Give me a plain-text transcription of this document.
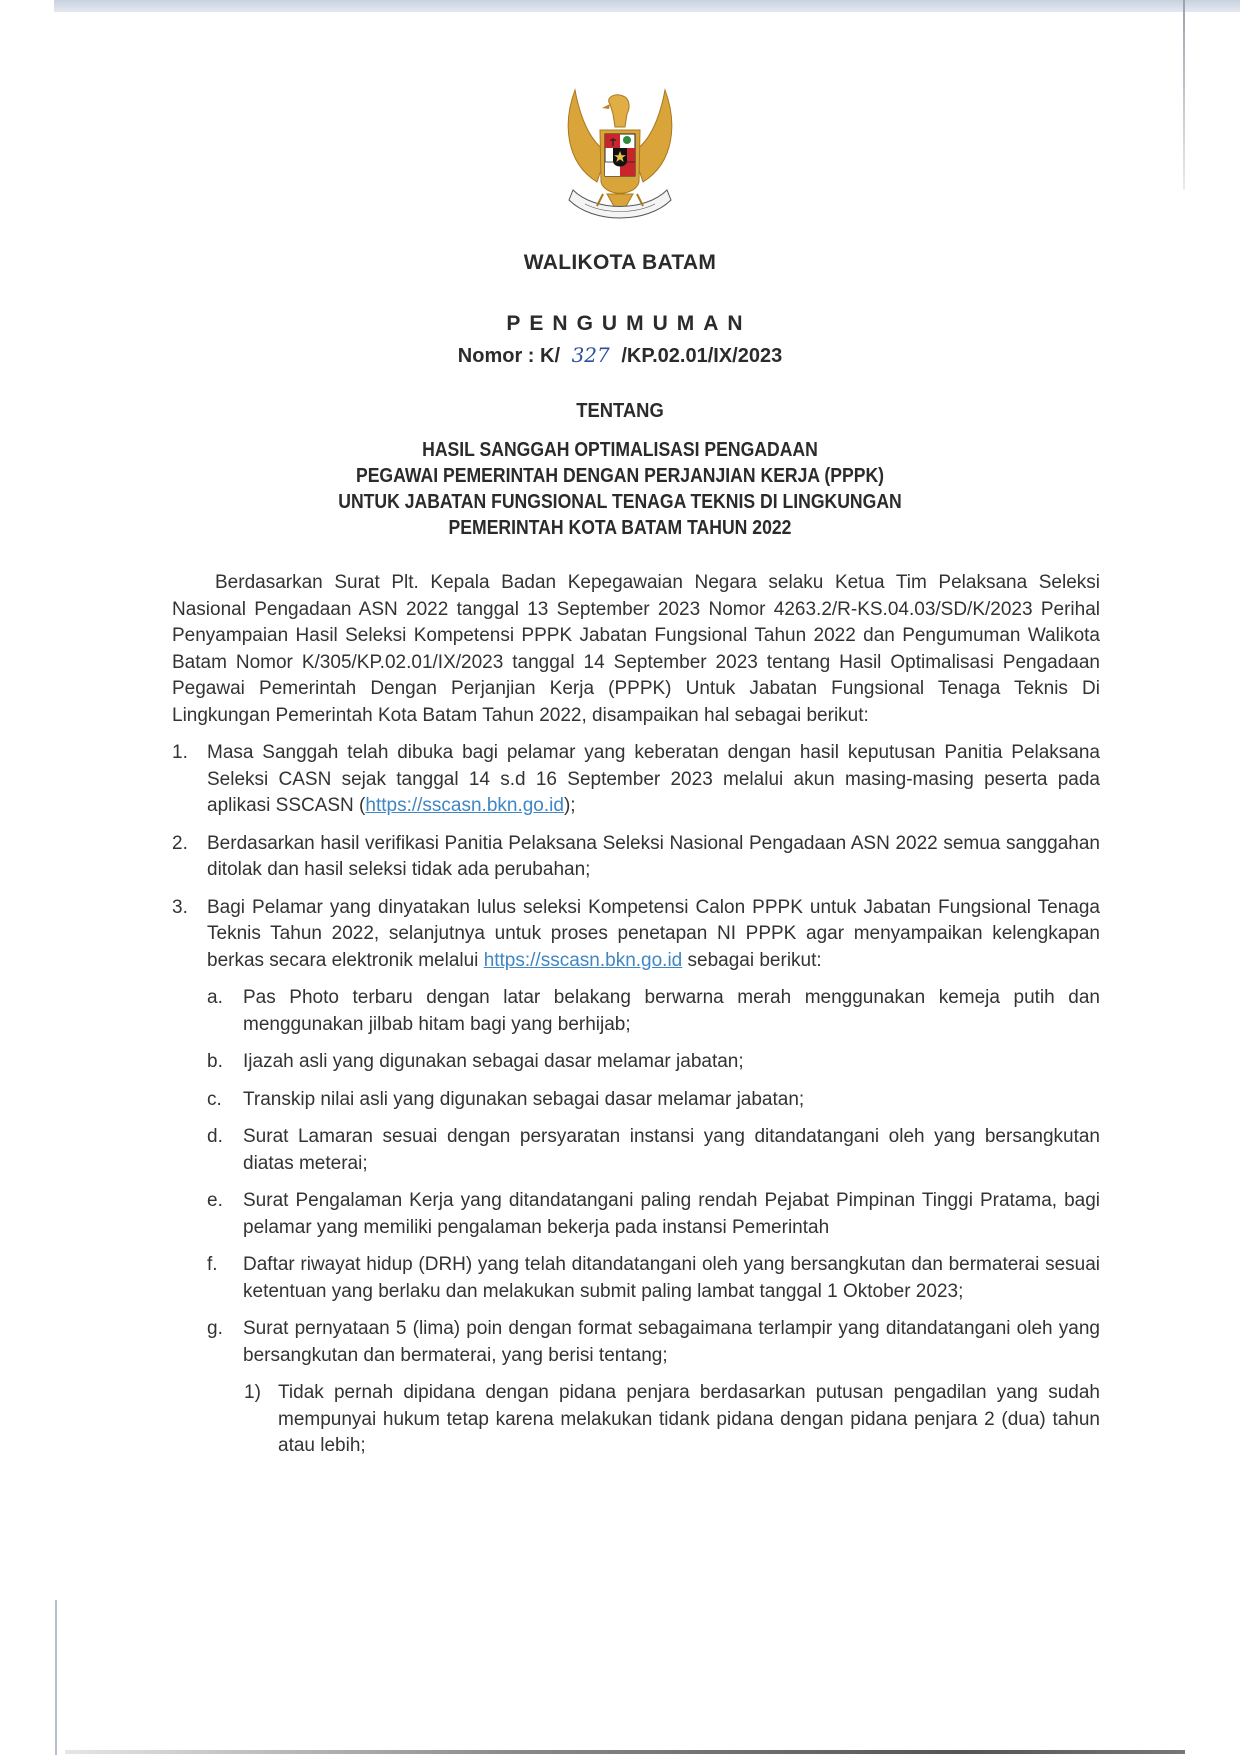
WALIKOTA BATAM
PENGUMUMAN
Nomor : K/ 327 /KP.02.01/IX/2023
TENTANG
HASIL SANGGAH OPTIMALISASI PENGADAAN
PEGAWAI PEMERINTAH DENGAN PERJANJIAN KERJA (PPPK)
UNTUK JABATAN FUNGSIONAL TENAGA TEKNIS DI LINGKUNGAN
PEMERINTAH KOTA BATAM TAHUN 2022

Berdasarkan Surat Plt. Kepala Badan Kepegawaian Negara selaku Ketua Tim Pelaksana Seleksi Nasional Pengadaan ASN 2022 tanggal 13 September 2023 Nomor 4263.2/R-KS.04.03/SD/K/2023 Perihal Penyampaian Hasil Seleksi Kompetensi PPPK Jabatan Fungsional Tahun 2022 dan Pengumuman Walikota Batam Nomor K/305/KP.02.01/IX/2023 tanggal 14 September 2023 tentang Hasil Optimalisasi Pengadaan Pegawai Pemerintah Dengan Perjanjian Kerja (PPPK) Untuk Jabatan Fungsional Tenaga Teknis Di Lingkungan Pemerintah Kota Batam Tahun 2022, disampaikan hal sebagai berikut:

1. Masa Sanggah telah dibuka bagi pelamar yang keberatan dengan hasil keputusan Panitia Pelaksana Seleksi CASN sejak tanggal 14 s.d 16 September 2023 melalui akun masing-masing peserta pada aplikasi SSCASN (https://sscasn.bkn.go.id);
2. Berdasarkan hasil verifikasi Panitia Pelaksana Seleksi Nasional Pengadaan ASN 2022 semua sanggahan ditolak dan hasil seleksi tidak ada perubahan;
3. Bagi Pelamar yang dinyatakan lulus seleksi Kompetensi Calon PPPK untuk Jabatan Fungsional Tenaga Teknis Tahun 2022, selanjutnya untuk proses penetapan NI PPPK agar menyampaikan kelengkapan berkas secara elektronik melalui https://sscasn.bkn.go.id sebagai berikut:
a. Pas Photo terbaru dengan latar belakang berwarna merah menggunakan kemeja putih dan menggunakan jilbab hitam bagi yang berhijab;
b. Ijazah asli yang digunakan sebagai dasar melamar jabatan;
c. Transkip nilai asli yang digunakan sebagai dasar melamar jabatan;
d. Surat Lamaran sesuai dengan persyaratan instansi yang ditandatangani oleh yang bersangkutan diatas meterai;
e. Surat Pengalaman Kerja yang ditandatangani paling rendah Pejabat Pimpinan Tinggi Pratama, bagi pelamar yang memiliki pengalaman bekerja pada instansi Pemerintah
f. Daftar riwayat hidup (DRH) yang telah ditandatangani oleh yang bersangkutan dan bermaterai sesuai ketentuan yang berlaku dan melakukan submit paling lambat tanggal 1 Oktober 2023;
g. Surat pernyataan 5 (lima) poin dengan format sebagaimana terlampir yang ditandatangani oleh yang bersangkutan dan bermaterai, yang berisi tentang;
1) Tidak pernah dipidana dengan pidana penjara berdasarkan putusan pengadilan yang sudah mempunyai hukum tetap karena melakukan tidank pidana dengan pidana penjara 2 (dua) tahun atau lebih;
